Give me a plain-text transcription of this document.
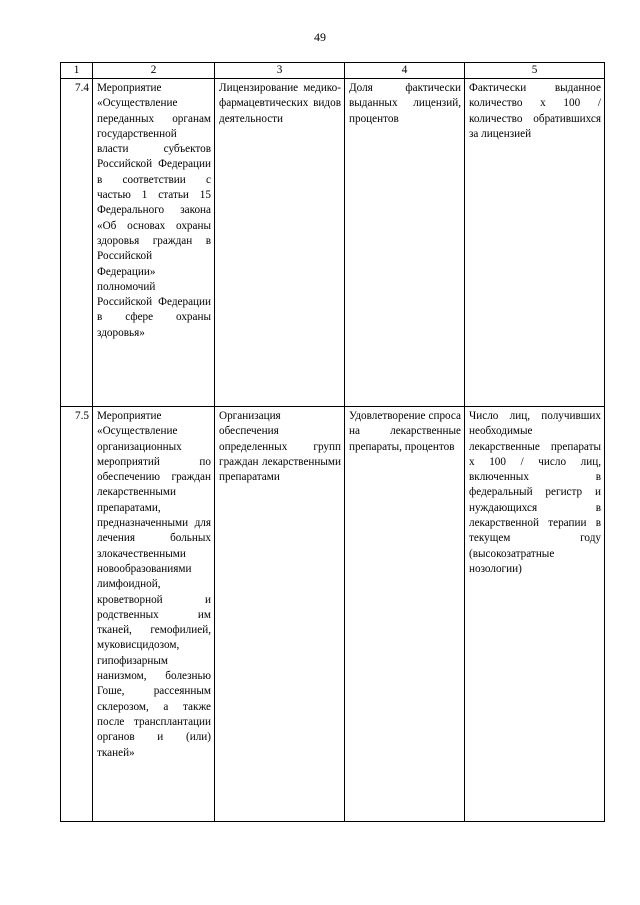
49
1	2	3	4	5
7.4	Мероприятие «Осуществление переданных органам государственной власти субъектов Российской Федерации в соответствии с частью 1 статьи 15 Федерального закона «Об основах охраны здоровья граждан в Российской Федерации» полномочий Российской Федерации в сфере охраны здоровья»	Лицензирование медико-фармацевтических видов деятельности	Доля фактически выданных лицензий, процентов	Фактически выданное количество x 100 / количество обратившихся за лицензией
7.5	Мероприятие «Осуществление организационных мероприятий по обеспечению граждан лекарственными препаратами, предназначенными для лечения больных злокачественными новообразованиями лимфоидной, кроветворной и родственных им тканей, гемофилией, муковисцидозом, гипофизарным нанизмом, болезнью Гоше, рассеянным склерозом, а также после трансплантации органов и (или) тканей»	Организация обеспечения определенных групп граждан лекарственными препаратами	Удовлетворение спроса на лекарственные препараты, процентов	Число лиц, получивших необходимые лекарственные препараты x 100 / число лиц, включенных в федеральный регистр и нуждающихся в лекарственной терапии в текущем году (высокозатратные нозологии)
